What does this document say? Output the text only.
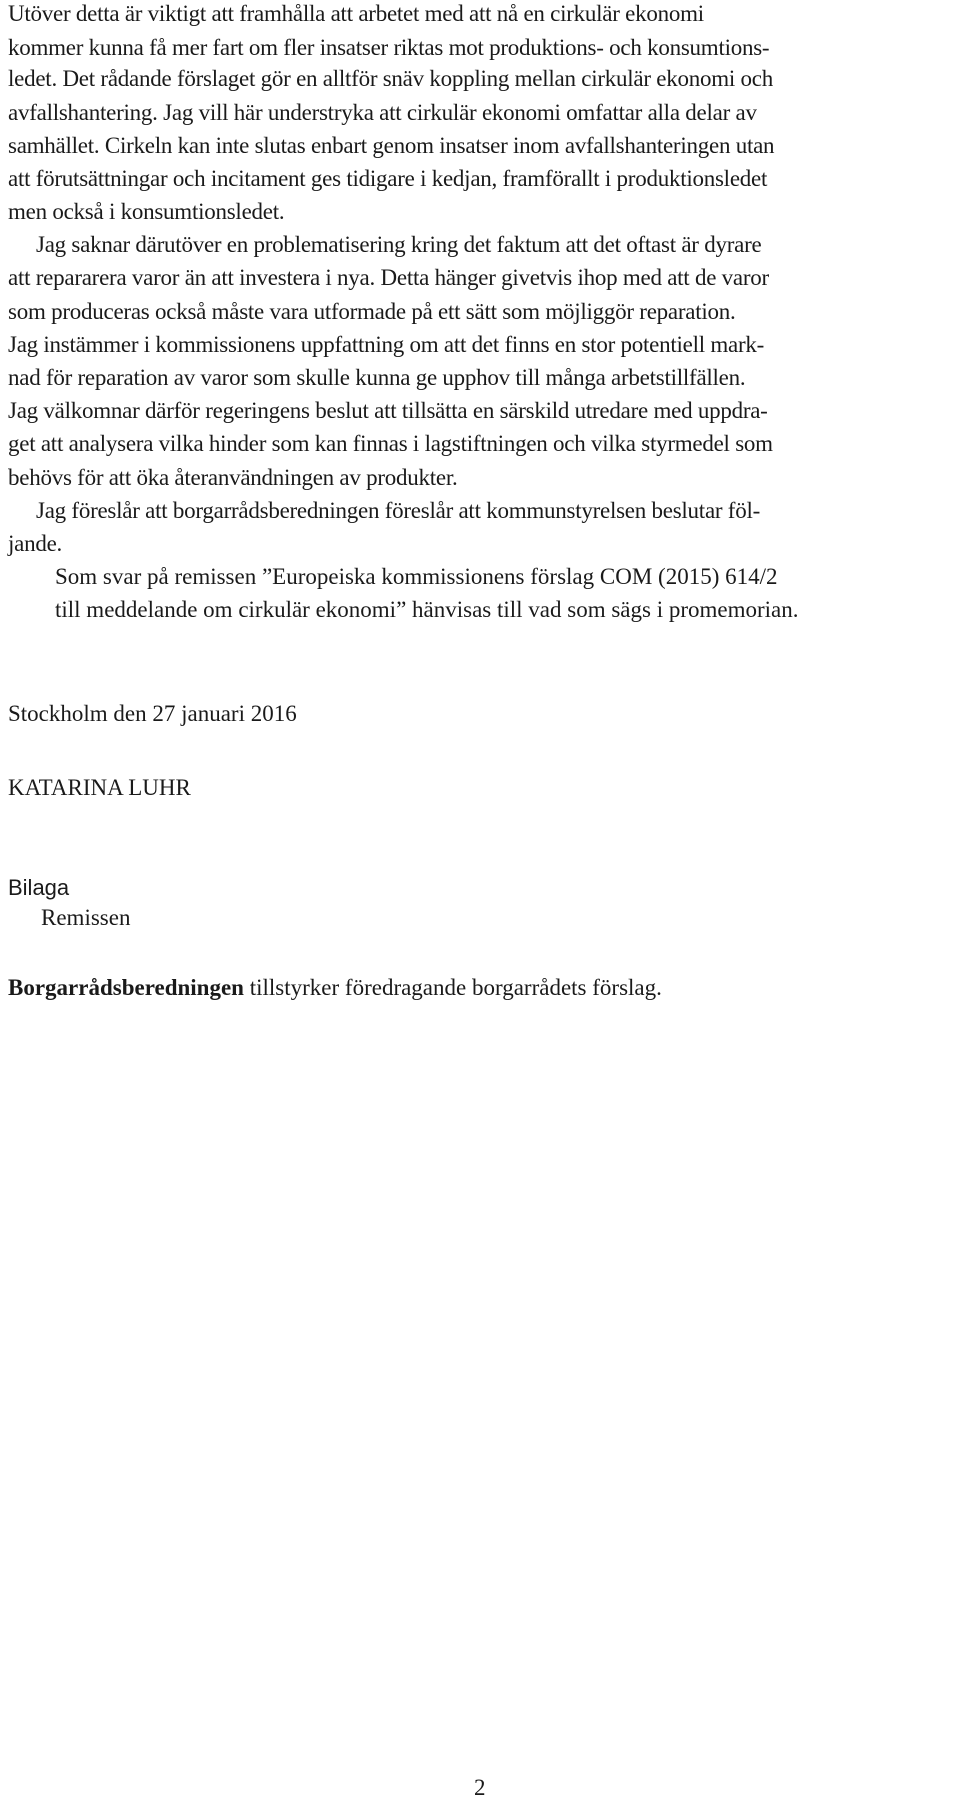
Utöver detta är viktigt att framhålla att arbetet med att nå en cirkulär ekonomi
kommer kunna få mer fart om fler insatser riktas mot produktions- och konsumtions-
ledet. Det rådande förslaget gör en alltför snäv koppling mellan cirkulär ekonomi och
avfallshantering. Jag vill här understryka att cirkulär ekonomi omfattar alla delar av
samhället. Cirkeln kan inte slutas enbart genom insatser inom avfallshanteringen utan
att förutsättningar och incitament ges tidigare i kedjan, framförallt i produktionsledet
men också i konsumtionsledet.
Jag saknar därutöver en problematisering kring det faktum att det oftast är dyrare
att repararera varor än att investera i nya. Detta hänger givetvis ihop med att de varor
som produceras också måste vara utformade på ett sätt som möjliggör reparation.
Jag instämmer i kommissionens uppfattning om att det finns en stor potentiell mark-
nad för reparation av varor som skulle kunna ge upphov till många arbetstillfällen.
Jag välkomnar därför regeringens beslut att tillsätta en särskild utredare med uppdra-
get att analysera vilka hinder som kan finnas i lagstiftningen och vilka styrmedel som
behövs för att öka återanvändningen av produkter.
Jag föreslår att borgarrådsberedningen föreslår att kommunstyrelsen beslutar föl-
jande.
Som svar på remissen ”Europeiska kommissionens förslag COM (2015) 614/2
till meddelande om cirkulär ekonomi” hänvisas till vad som sägs i promemorian.
Stockholm den 27 januari 2016
KATARINA LUHR
Bilaga
Remissen
Borgarrådsberedningen tillstyrker föredragande borgarrådets förslag.
2
